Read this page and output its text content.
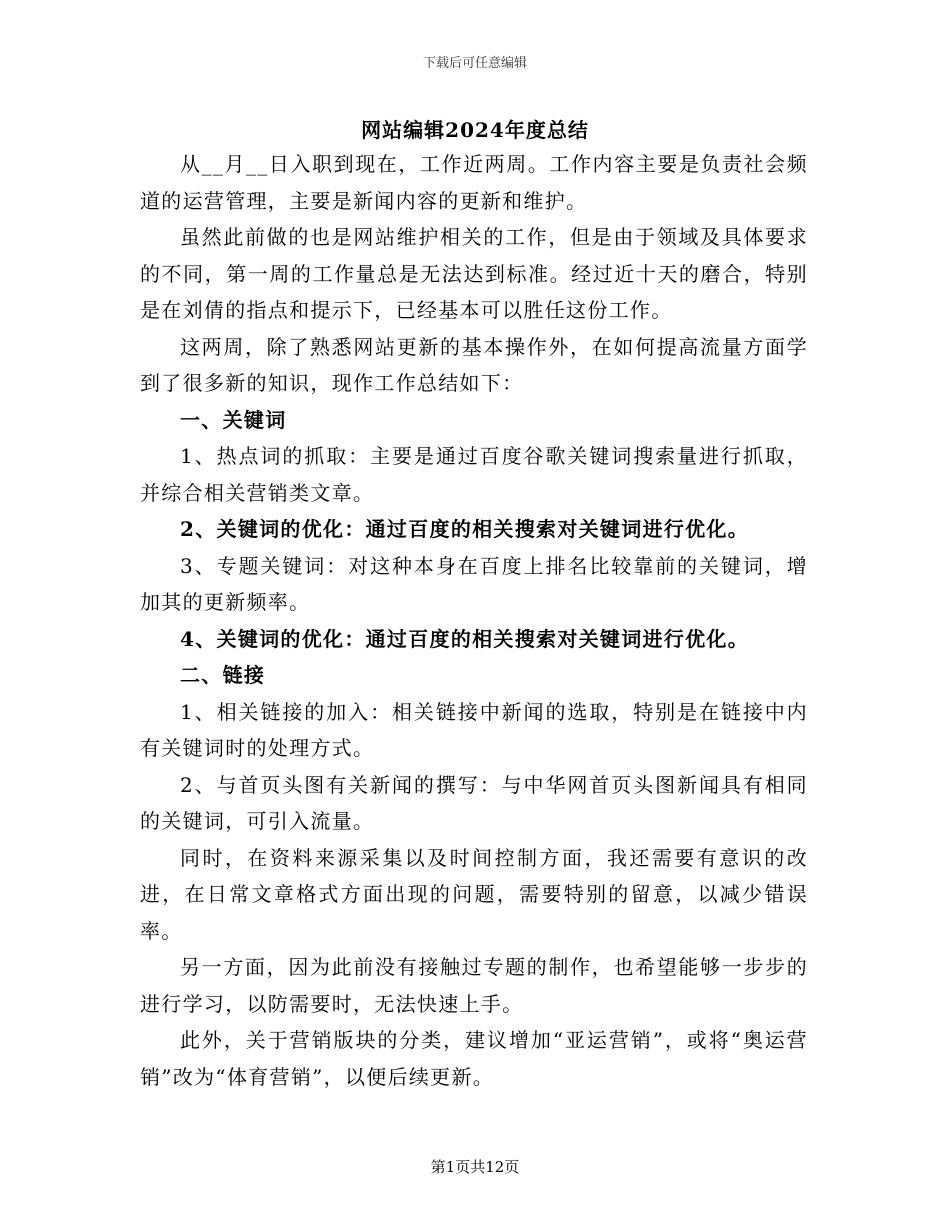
下载后可任意编辑
网站编辑2024年度总结

从__月__日入职到现在，工作近两周。工作内容主要是负责社会频道的运营管理，主要是新闻内容的更新和维护。

虽然此前做的也是网站维护相关的工作，但是由于领域及具体要求的不同，第一周的工作量总是无法达到标准。经过近十天的磨合，特别是在刘倩的指点和提示下，已经基本可以胜任这份工作。

这两周，除了熟悉网站更新的基本操作外，在如何提高流量方面学到了很多新的知识，现作工作总结如下：

一、关键词

1、热点词的抓取：主要是通过百度谷歌关键词搜索量进行抓取，并综合相关营销类文章。

2、关键词的优化：通过百度的相关搜索对关键词进行优化。

3、专题关键词：对这种本身在百度上排名比较靠前的关键词，增加其的更新频率。

4、关键词的优化：通过百度的相关搜索对关键词进行优化。

二、链接

1、相关链接的加入：相关链接中新闻的选取，特别是在链接中内有关键词时的处理方式。

2、与首页头图有关新闻的撰写：与中华网首页头图新闻具有相同的关键词，可引入流量。

同时，在资料来源采集以及时间控制方面，我还需要有意识的改进，在日常文章格式方面出现的问题，需要特别的留意，以减少错误率。

另一方面，因为此前没有接触过专题的制作，也希望能够一步步的进行学习，以防需要时，无法快速上手。

此外，关于营销版块的分类，建议增加“亚运营销”，或将“奥运营销”改为“体育营销”，以便后续更新。

第1页共12页
